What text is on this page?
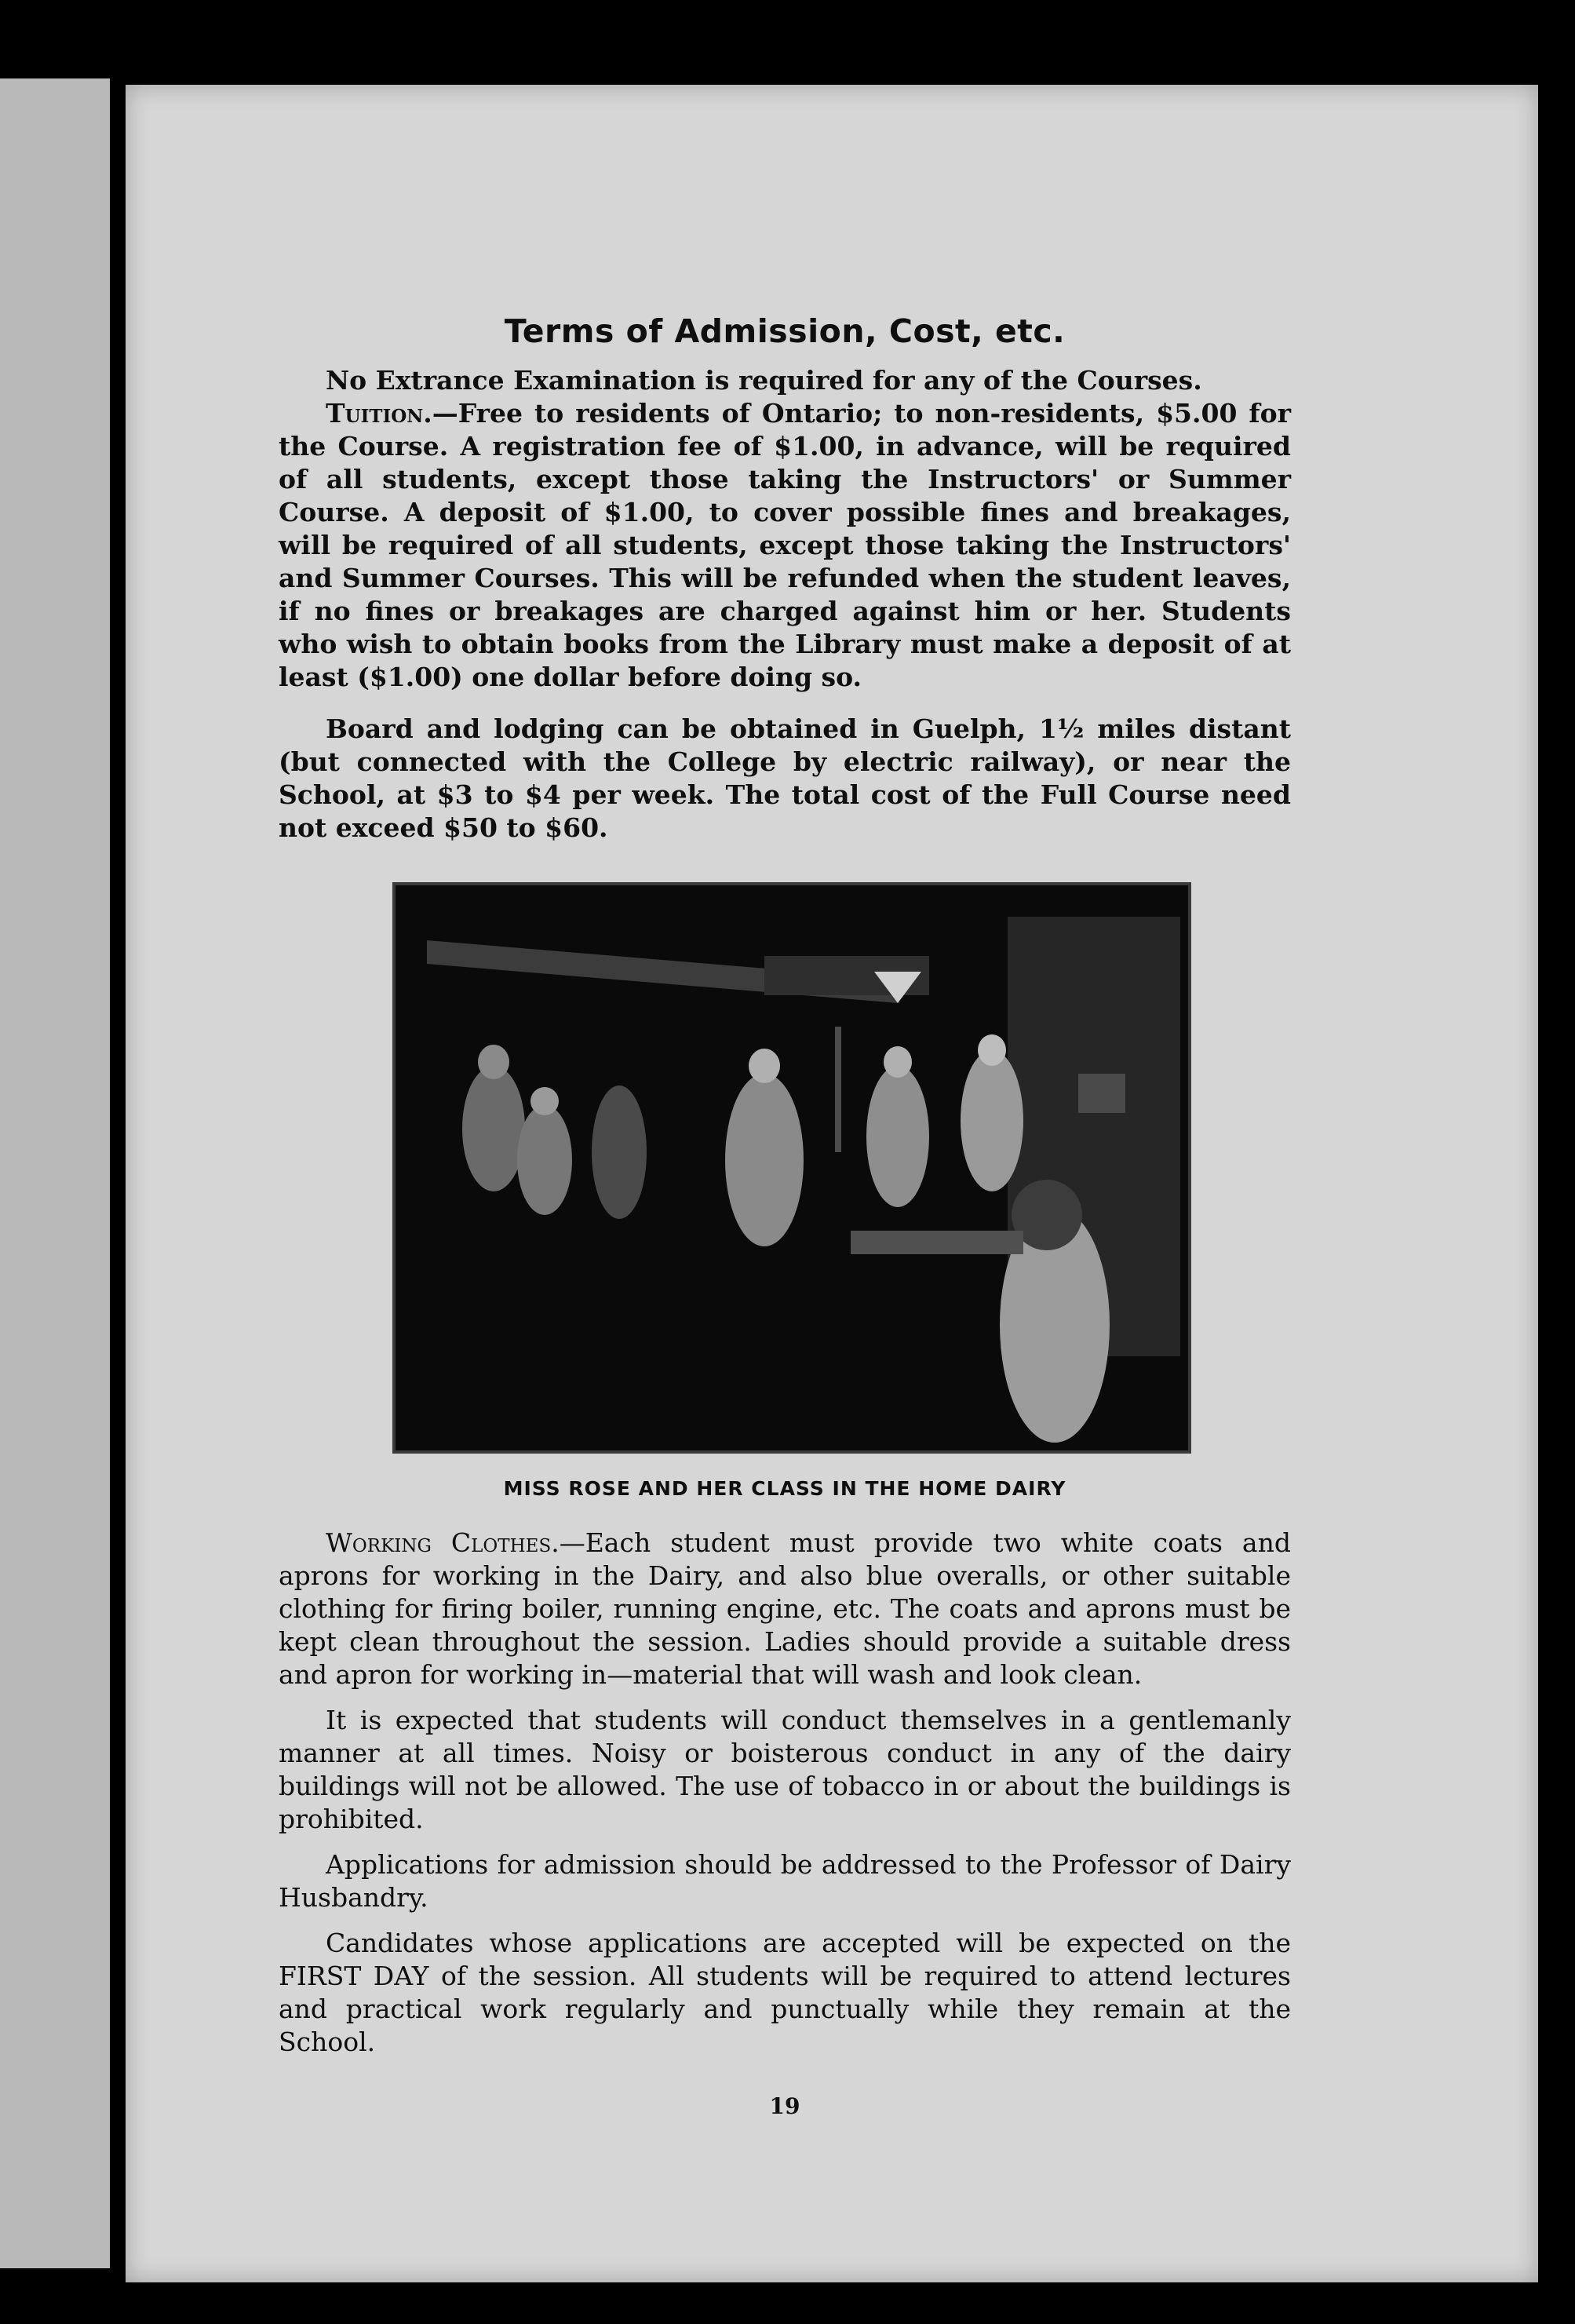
Terms of Admission, Cost, etc.

No Extrance Examination is required for any of the Courses.

Tuition.—Free to residents of Ontario; to non-residents, $5.00 for the Course. A registration fee of $1.00, in advance, will be required of all students, except those taking the Instructors' or Summer Course. A deposit of $1.00, to cover possible fines and breakages, will be required of all students, except those taking the Instructors' and Summer Courses. This will be refunded when the student leaves, if no fines or breakages are charged against him or her. Students who wish to obtain books from the Library must make a deposit of at least ($1.00) one dollar before doing so.

Board and lodging can be obtained in Guelph, 1½ miles distant (but connected with the College by electric railway), or near the School, at $3 to $4 per week. The total cost of the Full Course need not exceed $50 to $60.

MISS ROSE AND HER CLASS IN THE HOME DAIRY

Working Clothes.—Each student must provide two white coats and aprons for working in the Dairy, and also blue overalls, or other suitable clothing for firing boiler, running engine, etc. The coats and aprons must be kept clean throughout the session. Ladies should provide a suitable dress and apron for working in—material that will wash and look clean.

It is expected that students will conduct themselves in a gentlemanly manner at all times. Noisy or boisterous conduct in any of the dairy buildings will not be allowed. The use of tobacco in or about the buildings is prohibited.

Applications for admission should be addressed to the Professor of Dairy Husbandry.

Candidates whose applications are accepted will be expected on the FIRST DAY of the session. All students will be required to attend lectures and practical work regularly and punctually while they remain at the School.

19
